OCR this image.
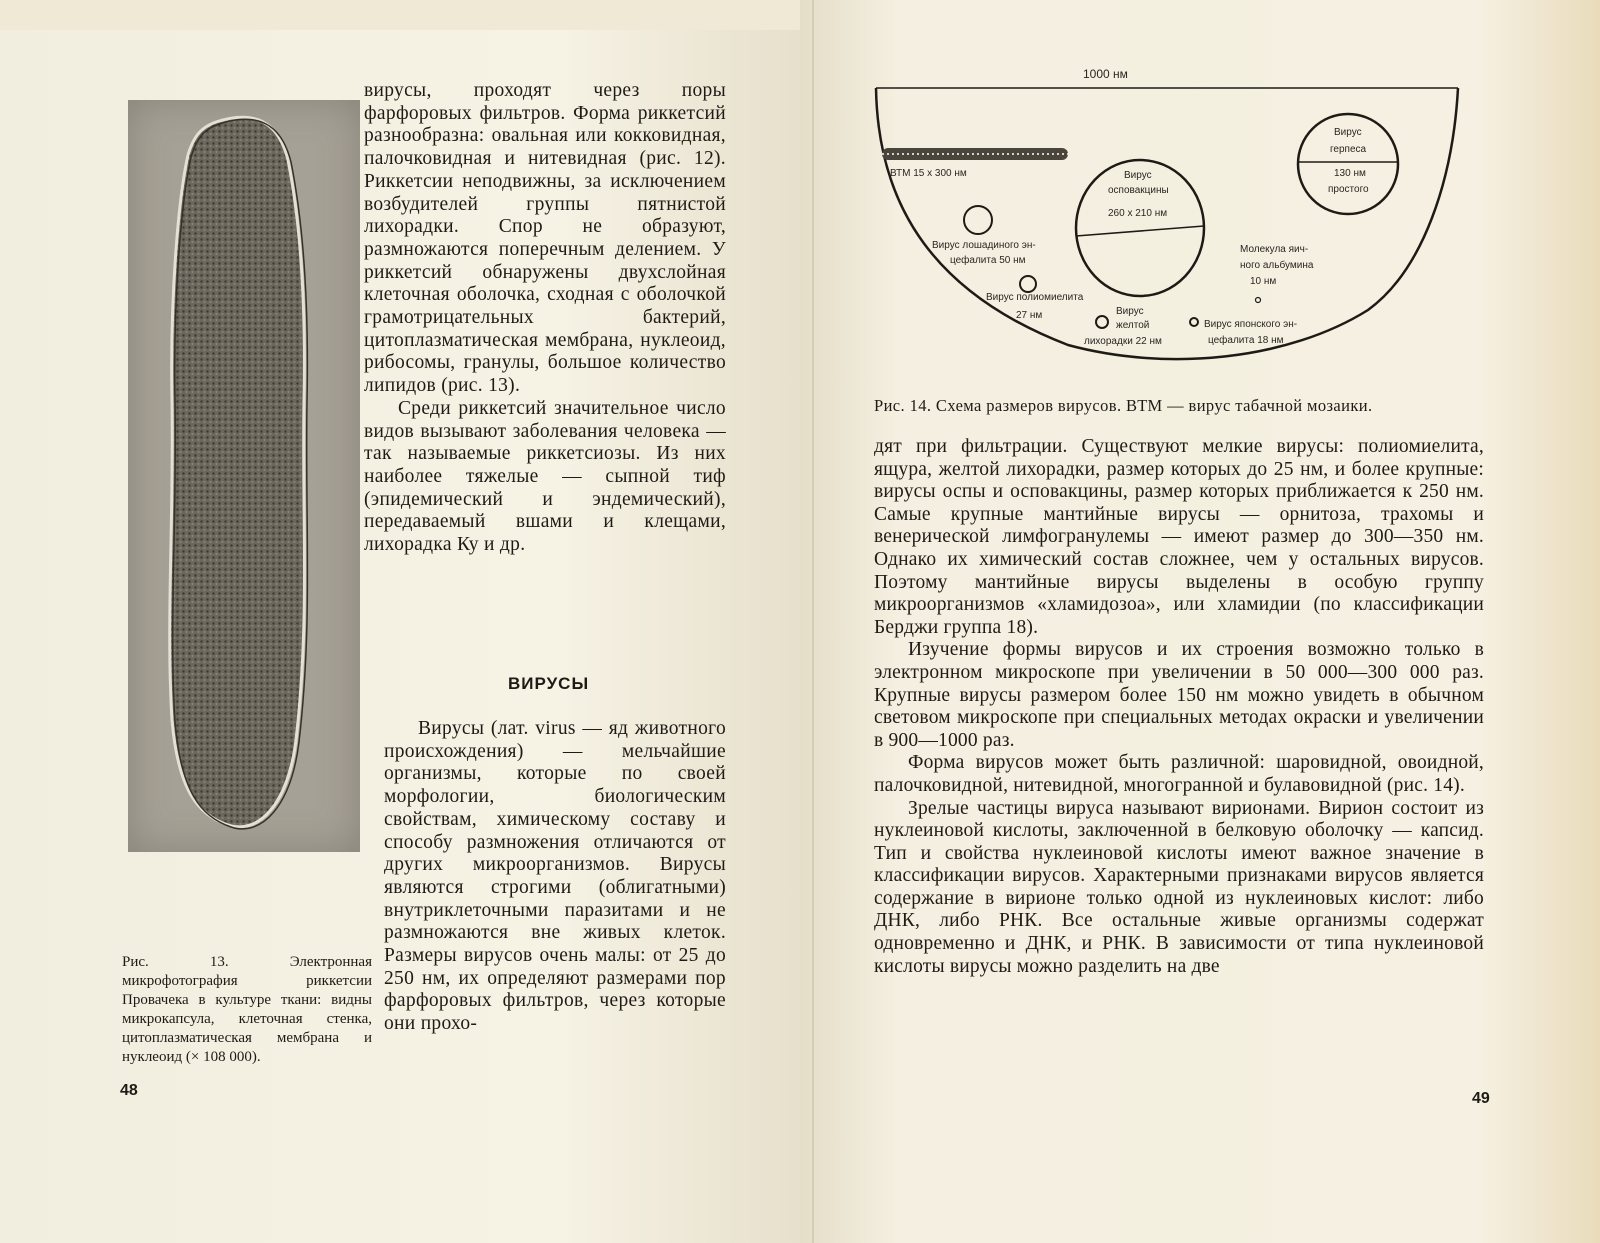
Рис. 13. Электронная микрофотография риккетсии Провачека в культуре ткани: видны микрокапсула, клеточная стенка, цитоплазматическая мембрана и нуклеоид (× 108 000).

вирусы, проходят через поры фарфоровых фильтров. Форма риккетсий разнообразна: овальная или кокковидная, палочковидная и нитевидная (рис. 12). Риккетсии неподвижны, за исключением возбудителей группы пятнистой лихорадки. Спор не образуют, размножаются поперечным делением. У риккетсий обнаружены двухслойная клеточная оболочка, сходная с оболочкой грамотрицательных бактерий, цитоплазматическая мембрана, нуклеоид, рибосомы, гранулы, большое количество липидов (рис. 13).

Среди риккетсий значительное число видов вызывают заболевания человека — так называемые риккетсиозы. Из них наиболее тяжелые — сыпной тиф (эпидемический и эндемический), передаваемый вшами и клещами, лихорадка Ку и др.

ВИРУСЫ

Вирусы (лат. virus — яд животного происхождения) — мельчайшие организмы, которые по своей морфологии, биологическим свойствам, химическому составу и способу размножения отличаются от других микроорганизмов. Вирусы являются строгими (облигатными) внутриклеточными паразитами и не размножаются вне живых клеток. Размеры вирусов очень малы: от 25 до 250 нм, их определяют размерами пор фарфоровых фильтров, через которые они прохо-

48
1000 нм
ВТМ 15 х 300 нм	Вирус
осповакцины
260 х 210 нм
Вирус
герпеса
130 нм
простого
Вирус лошадиного эн-
цефалита 50 нм
Вирус полиомиелита
27 нм
Молекула яич-
ного альбумина
10 нм
Вирус
желтой
лихорадки 22 нм
Вирус японского эн-
цефалита 18 нм
Рис. 14. Схема размеров вирусов. ВТМ — вирус табачной мозаики.

дят при фильтрации. Существуют мелкие вирусы: полиомиелита, ящура, желтой лихорадки, размер которых до 25 нм, и более крупные: вирусы оспы и осповакцины, размер которых приближается к 250 нм. Самые крупные мантийные вирусы — орнитоза, трахомы и венерической лимфогранулемы — имеют размер до 300—350 нм. Однако их химический состав сложнее, чем у остальных вирусов. Поэтому мантийные вирусы выделены в особую группу микроорганизмов «хламидозоа», или хламидии (по классификации Берджи группа 18).

Изучение формы вирусов и их строения возможно только в электронном микроскопе при увеличении в 50 000—300 000 раз. Крупные вирусы размером более 150 нм можно увидеть в обычном световом микроскопе при специальных методах окраски и увеличении в 900—1000 раз.

Форма вирусов может быть различной: шаровидной, овоидной, палочковидной, нитевидной, многогранной и булавовидной (рис. 14).

Зрелые частицы вируса называют вирионами. Вирион состоит из нуклеиновой кислоты, заключенной в белковую оболочку — капсид. Тип и свойства нуклеиновой кислоты имеют важное значение в классификации вирусов. Характерными признаками вирусов является содержание в вирионе только одной из нуклеиновых кислот: либо ДНК, либо РНК. Все остальные живые организмы содержат одновременно и ДНК, и РНК. В зависимости от типа нуклеиновой кислоты вирусы можно разделить на две

49
